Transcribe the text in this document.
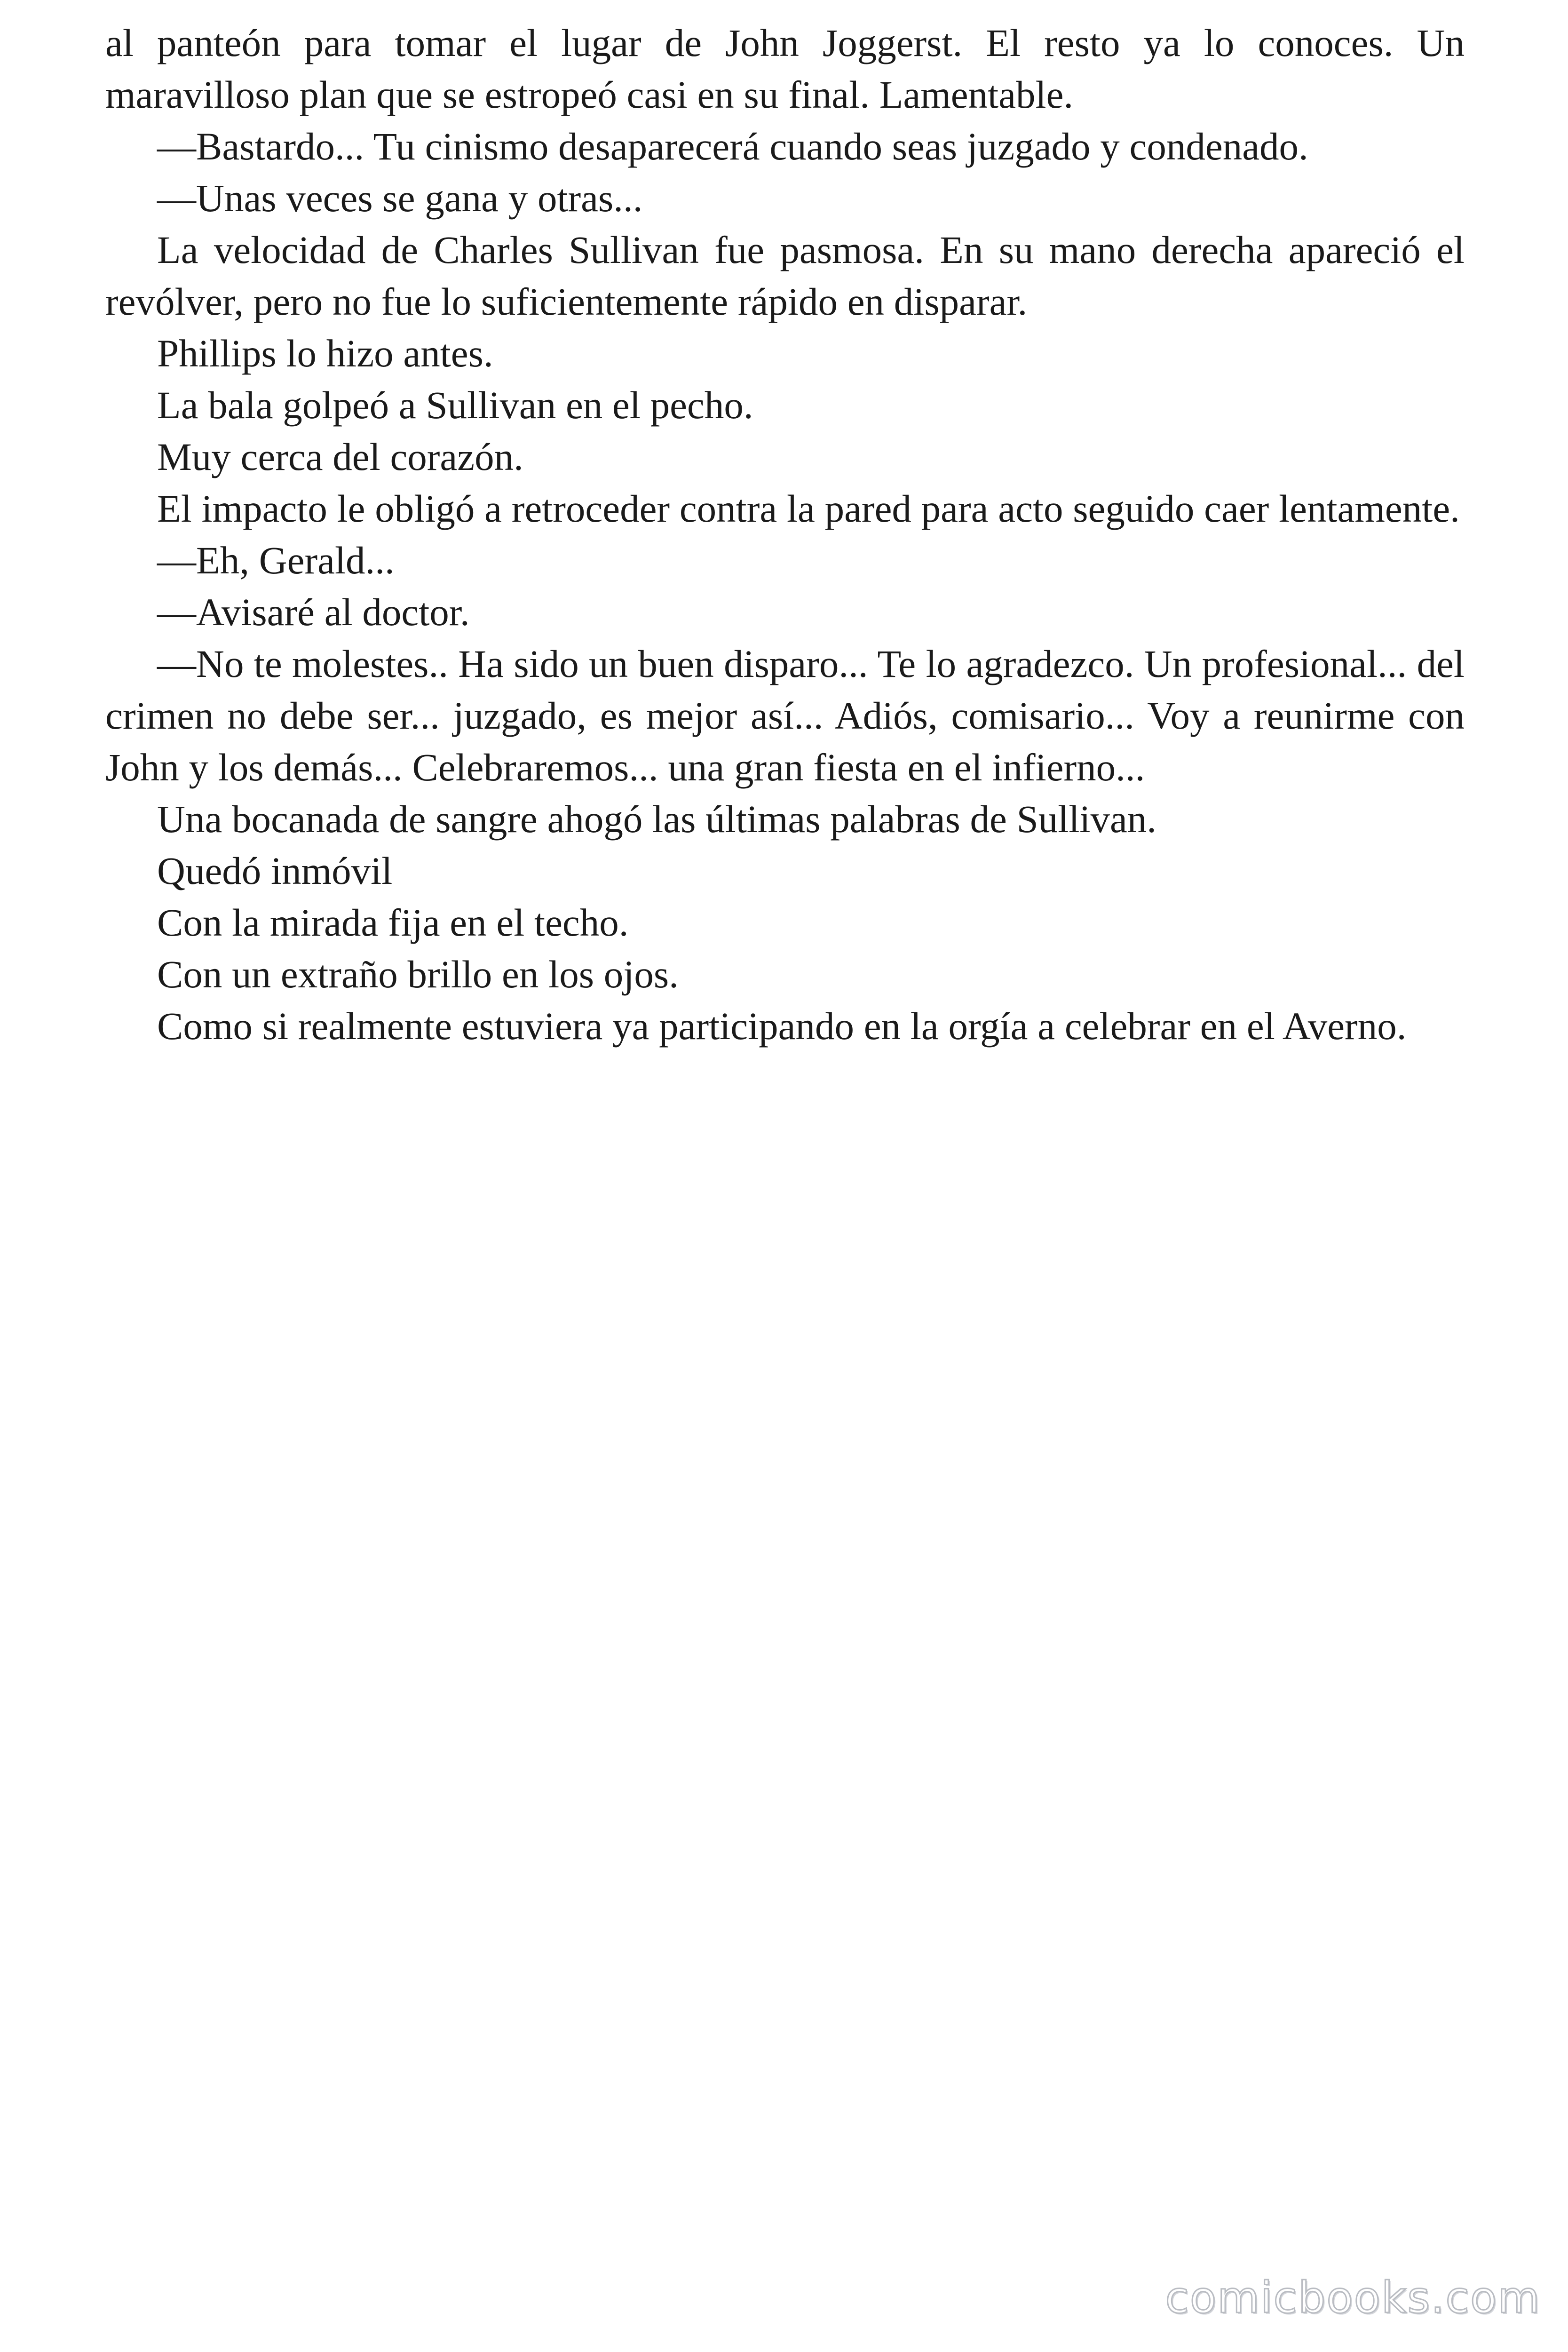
al panteón para tomar el lugar de John Joggerst. El resto ya lo conoces. Un maravilloso plan que se estropeó casi en su final. Lamentable.

—Bastardo... Tu cinismo desaparecerá cuando seas juzgado y condenado.

—Unas veces se gana y otras...

La velocidad de Charles Sullivan fue pasmosa. En su mano derecha apareció el revólver, pero no fue lo suficientemente rápido en disparar.

Phillips lo hizo antes.

La bala golpeó a Sullivan en el pecho.

Muy cerca del corazón.

El impacto le obligó a retroceder contra la pared para acto seguido caer lentamente.

—Eh, Gerald...

—Avisaré al doctor.

—No te molestes.. Ha sido un buen disparo... Te lo agradezco. Un profesional... del crimen no debe ser... juzgado, es mejor así... Adiós, comisario... Voy a reunirme con John y los demás... Celebraremos... una gran fiesta en el infierno...

Una bocanada de sangre ahogó las últimas palabras de Sullivan.

Quedó inmóvil

Con la mirada fija en el techo.

Con un extraño brillo en los ojos.

Como si realmente estuviera ya participando en la orgía a celebrar en el Averno.

comicbooks.com
